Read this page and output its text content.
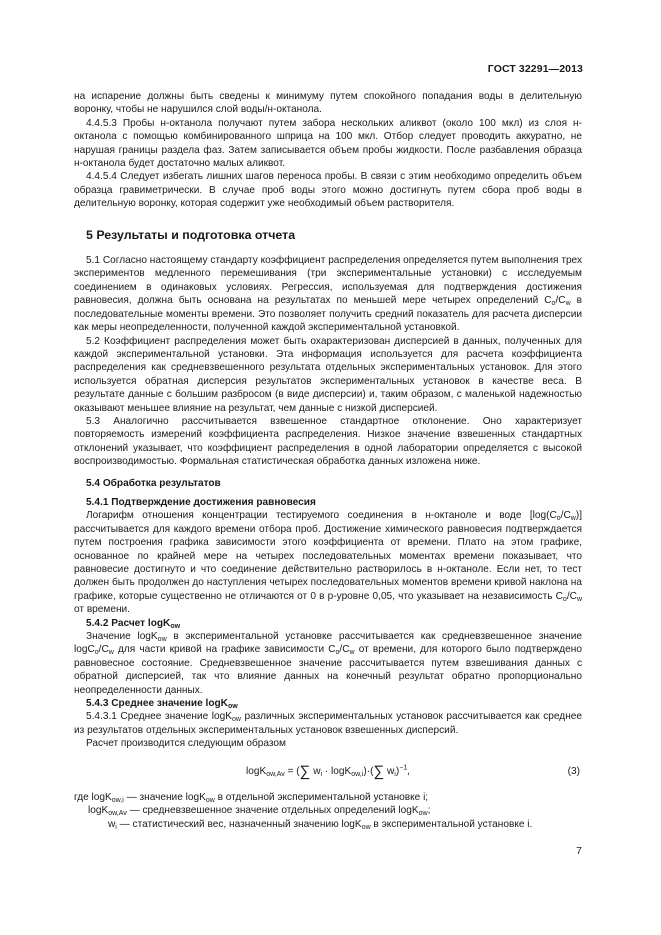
ГОСТ 32291—2013

на испарение должны быть сведены к минимуму путем спокойного попадания воды в делительную воронку, чтобы не нарушился слой воды/н-октанола.

4.4.5.3 Пробы н-октанола получают путем забора нескольких аликвот (около 100 мкл) из слоя н-октанола с помощью комбинированного шприца на 100 мкл. Отбор следует проводить аккуратно, не нарушая границы раздела фаз. Затем записывается объем пробы жидкости. После разбавления образца н-октанола будет достаточно малых аликвот.

4.4.5.4 Следует избегать лишних шагов переноса пробы. В связи с этим необходимо определить объем образца гравиметрически. В случае проб воды этого можно достигнуть путем сбора проб воды в делительную воронку, которая содержит уже необходимый объем растворителя.

5 Результаты и подготовка отчета

5.1 Согласно настоящему стандарту коэффициент распределения определяется путем выполнения трех экспериментов медленного перемешивания (три экспериментальные установки) с исследуемым соединением в одинаковых условиях. Регрессия, используемая для подтверждения достижения равновесия, должна быть основана на результатах по меньшей мере четырех определений $C_o/C_w$ в последовательные моменты времени. Это позволяет получить средний показатель для расчета дисперсии как меры неопределенности, полученной каждой экспериментальной установкой.

5.2 Коэффициент распределения может быть охарактеризован дисперсией в данных, полученных для каждой экспериментальной установки. Эта информация используется для расчета коэффициента распределения как средневзвешенного результата отдельных экспериментальных установок. Для этого используется обратная дисперсия результатов экспериментальных установок в качестве веса. В результате данные с большим разбросом (в виде дисперсии) и, таким образом, с маленькой надежностью оказывают меньшее влияние на результат, чем данные с низкой дисперсией.

5.3 Аналогично рассчитывается взвешенное стандартное отклонение. Оно характеризует повторяемость измерений коэффициента распределения. Низкое значение взвешенных стандартных отклонений указывает, что коэффициент распределения в одной лаборатории определяется с высокой воспроизводимостью. Формальная статистическая обработка данных изложена ниже.

5.4 Обработка результатов

5.4.1 Подтверждение достижения равновесия

Логарифм отношения концентрации тестируемого соединения в н-октаноле и воде $[\log(C_o/C_w)]$ рассчитывается для каждого времени отбора проб. Достижение химического равновесия подтверждается путем построения графика зависимости этого коэффициента от времени. Плато на этом графике, основанное по крайней мере на четырех последовательных моментах времени показывает, что равновесие достигнуто и что соединение действительно растворилось в н-октаноле. Если нет, то тест должен быть продолжен до наступления четырех последовательных моментов времени кривой наклона на графике, которые существенно не отличаются от 0 в p-уровне 0,05, что указывает на независимость $C_o/C_w$ от времени.

5.4.2 Расчет logK$_{ow}$

Значение logK$_{ow}$ в экспериментальной установке рассчитывается как средневзвешенное значение $\log C_o/C_w$ для части кривой на графике зависимости $C_o/C_w$ от времени, для которого было подтверждено равновесное состояние. Средневзвешенное значение рассчитывается путем взвешивания данных с обратной дисперсией, так что влияние данных на конечный результат обратно пропорционально неопределенности данных.

5.4.3 Среднее значение logK$_{ow}$

5.4.3.1 Среднее значение logK$_{ow}$ различных экспериментальных установок рассчитывается как среднее из результатов отдельных экспериментальных установок взвешенных дисперсий.

Расчет производится следующим образом

logK$_{ow,Av}$ = (∑ $w_i \cdot \log K_{ow,i})\cdot(\sum$ $w_i)^{-1}$,	(3)

где logK$_{ow,i}$ — значение logK$_{ow}$ в отдельной экспериментальной установке i;

logK$_{ow,Av}$ — средневзвешенное значение отдельных определений logK$_{ow}$;

$w_i$ — статистический вес, назначенный значению logK$_{ow}$ в экспериментальной установке i.

7
